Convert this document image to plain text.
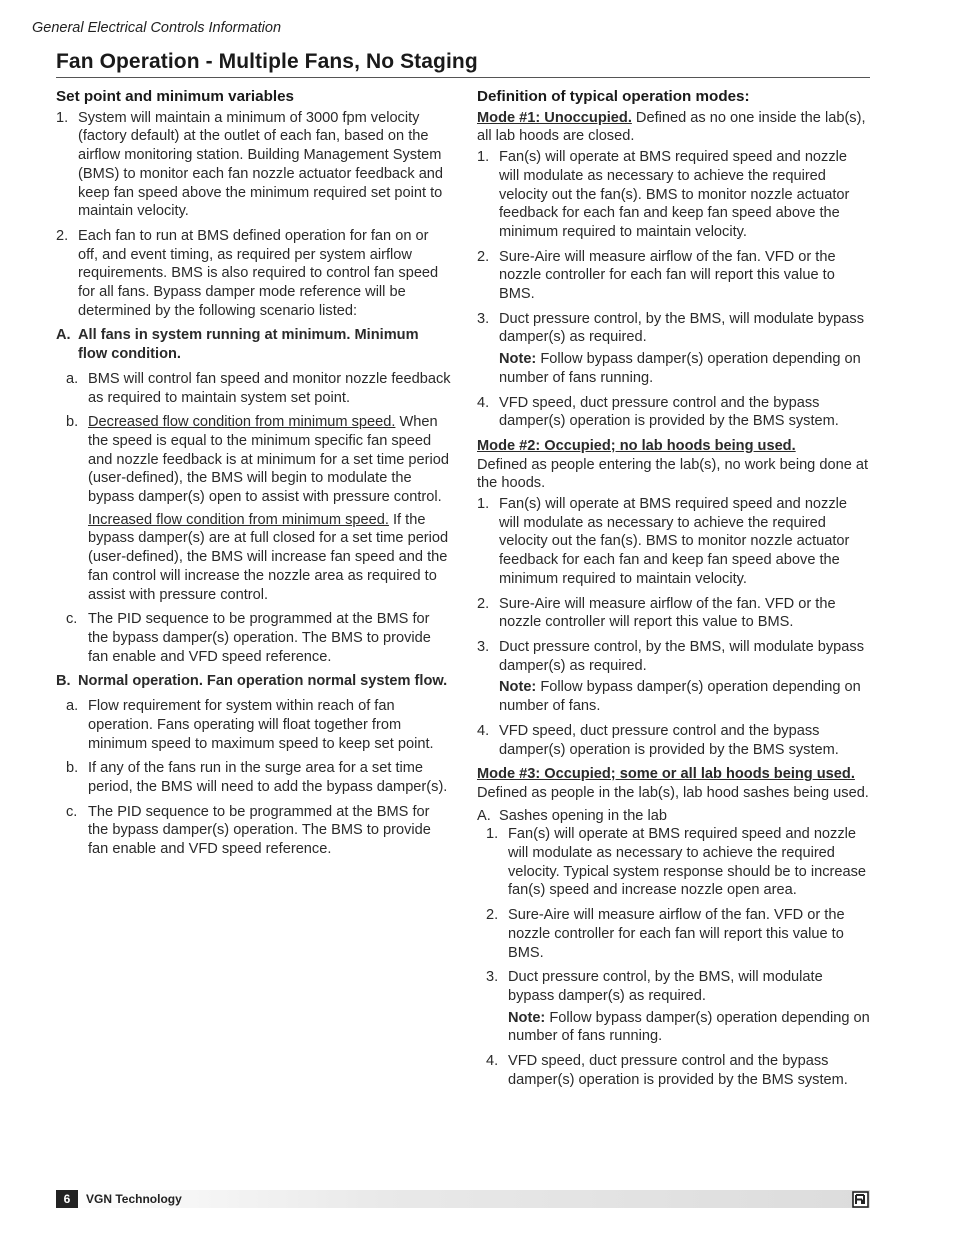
General Electrical Controls Information
Fan Operation - Multiple Fans, No Staging
Set point and minimum variables
1. System will maintain a minimum of 3000 fpm velocity (factory default) at the outlet of each fan, based on the airflow monitoring station. Building Management System (BMS) to monitor each fan nozzle actuator feedback and keep fan speed above the minimum required set point to maintain velocity.
2. Each fan to run at BMS defined operation for fan on or off, and event timing, as required per system airflow requirements. BMS is also required to control fan speed for all fans. Bypass damper mode reference will be determined by the following scenario listed:
A. All fans in system running at minimum. Minimum flow condition.
a. BMS will control fan speed and monitor nozzle feedback as required to maintain system set point.
b. Decreased flow condition from minimum speed. When the speed is equal to the minimum specific fan speed and nozzle feedback is at minimum for a set time period (user-defined), the BMS will begin to modulate the bypass damper(s) open to assist with pressure control.
Increased flow condition from minimum speed. If the bypass damper(s) are at full closed for a set time period (user-defined), the BMS will increase fan speed and the fan control will increase the nozzle area as required to assist with pressure control.
c. The PID sequence to be programmed at the BMS for the bypass damper(s) operation. The BMS to provide fan enable and VFD speed reference.
B. Normal operation. Fan operation normal system flow.
a. Flow requirement for system within reach of fan operation. Fans operating will float together from minimum speed to maximum speed to keep set point.
b. If any of the fans run in the surge area for a set time period, the BMS will need to add the bypass damper(s).
c. The PID sequence to be programmed at the BMS for the bypass damper(s) operation. The BMS to provide fan enable and VFD speed reference.
Definition of typical operation modes:
Mode #1: Unoccupied. Defined as no one inside the lab(s), all lab hoods are closed.
1. Fan(s) will operate at BMS required speed and nozzle will modulate as necessary to achieve the required velocity out the fan(s). BMS to monitor nozzle actuator feedback for each fan and keep fan speed above the minimum required to maintain velocity.
2. Sure-Aire will measure airflow of the fan. VFD or the nozzle controller for each fan will report this value to BMS.
3. Duct pressure control, by the BMS, will modulate bypass damper(s) as required.
Note: Follow bypass damper(s) operation depending on number of fans running.
4. VFD speed, duct pressure control and the bypass damper(s) operation is provided by the BMS system.
Mode #2: Occupied; no lab hoods being used.
Defined as people entering the lab(s), no work being done at the hoods.
1. Fan(s) will operate at BMS required speed and nozzle will modulate as necessary to achieve the required velocity out the fan(s). BMS to monitor nozzle actuator feedback for each fan and keep fan speed above the minimum required to maintain velocity.
2. Sure-Aire will measure airflow of the fan. VFD or the nozzle controller will report this value to BMS.
3. Duct pressure control, by the BMS, will modulate bypass damper(s) as required.
Note: Follow bypass damper(s) operation depending on number of fans.
4. VFD speed, duct pressure control and the bypass damper(s) operation is provided by the BMS system.
Mode #3: Occupied; some or all lab hoods being used. Defined as people in the lab(s), lab hood sashes being used.
A. Sashes opening in the lab
1. Fan(s) will operate at BMS required speed and nozzle will modulate as necessary to achieve the required velocity. Typical system response should be to increase fan(s) speed and increase nozzle open area.
2. Sure-Aire will measure airflow of the fan. VFD or the nozzle controller for each fan will report this value to BMS.
3. Duct pressure control, by the BMS, will modulate bypass damper(s) as required.
Note: Follow bypass damper(s) operation depending on number of fans running.
4. VFD speed, duct pressure control and the bypass damper(s) operation is provided by the BMS system.
6	VGN Technology
